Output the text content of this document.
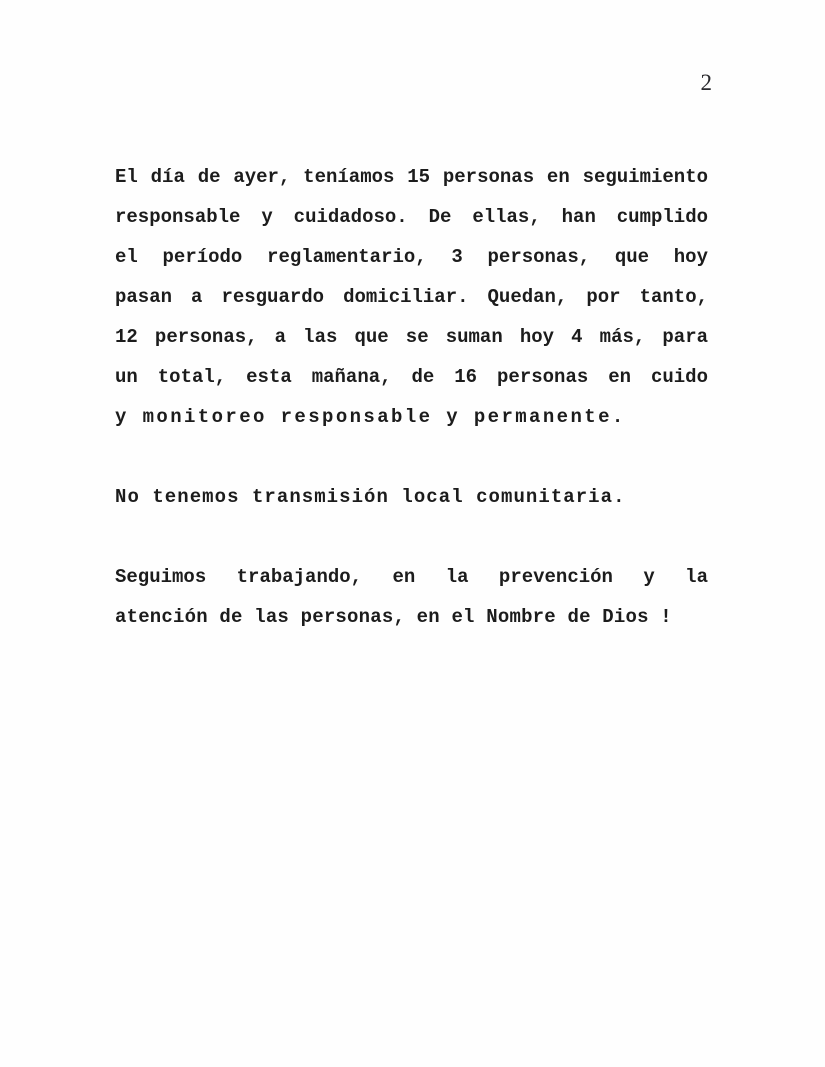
2
El día de ayer, teníamos 15 personas en seguimiento
responsable y cuidadoso. De ellas, han cumplido
el período reglamentario, 3 personas, que hoy
pasan a resguardo domiciliar. Quedan, por tanto,
12 personas, a las que se suman hoy 4 más, para
un total, esta mañana, de 16 personas en cuido
y monitoreo responsable y permanente.
No tenemos transmisión local comunitaria.
Seguimos trabajando, en la prevención y la
atención de las personas, en el Nombre de Dios !
